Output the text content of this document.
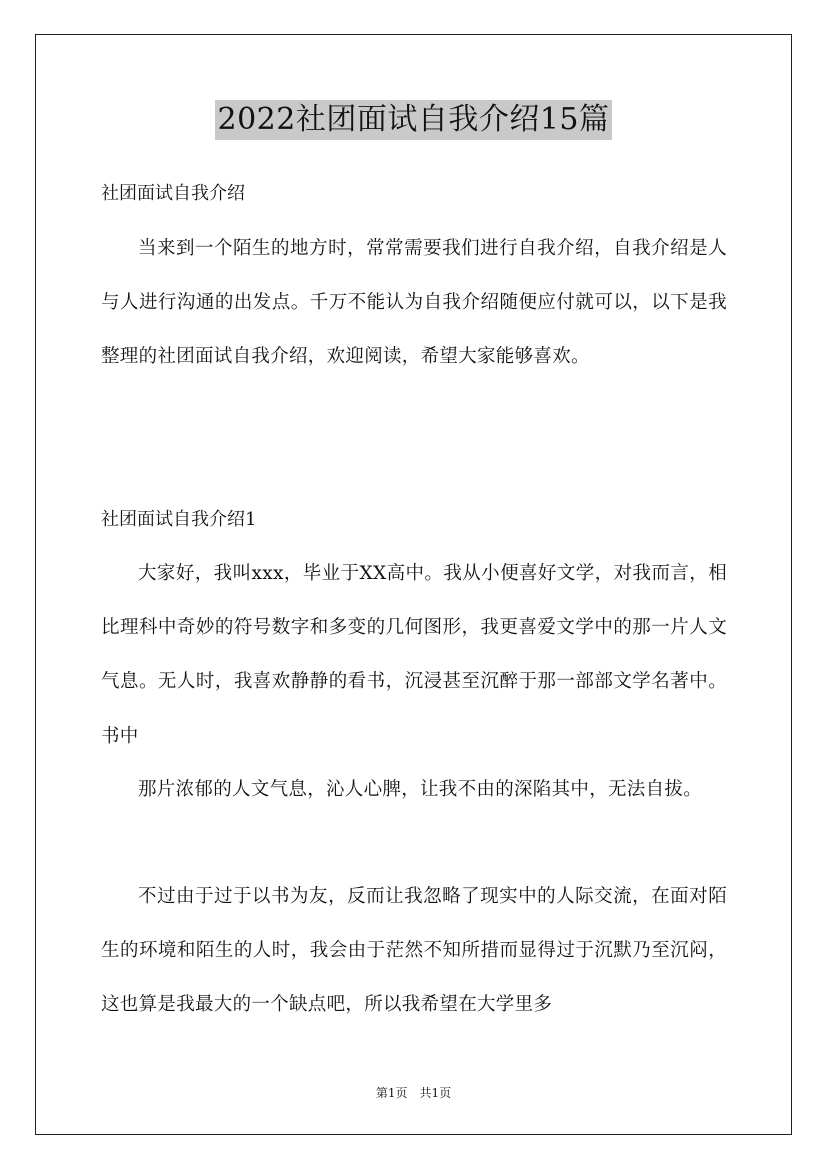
2022社团面试自我介绍15篇
社团面试自我介绍

当来到一个陌生的地方时，常常需要我们进行自我介绍，自我介绍是人与人进行沟通的出发点。千万不能认为自我介绍随便应付就可以，以下是我整理的社团面试自我介绍，欢迎阅读，希望大家能够喜欢。

社团面试自我介绍1

大家好，我叫xxx，毕业于XX高中。我从小便喜好文学，对我而言，相比理科中奇妙的符号数字和多变的几何图形，我更喜爱文学中的那一片人文气息。无人时，我喜欢静静的看书，沉浸甚至沉醉于那一部部文学名著中。书中

那片浓郁的人文气息，沁人心脾，让我不由的深陷其中，无法自拔。

不过由于过于以书为友，反而让我忽略了现实中的人际交流，在面对陌生的环境和陌生的人时，我会由于茫然不知所措而显得过于沉默乃至沉闷，这也算是我最大的一个缺点吧，所以我希望在大学里多

第1页　共1页
